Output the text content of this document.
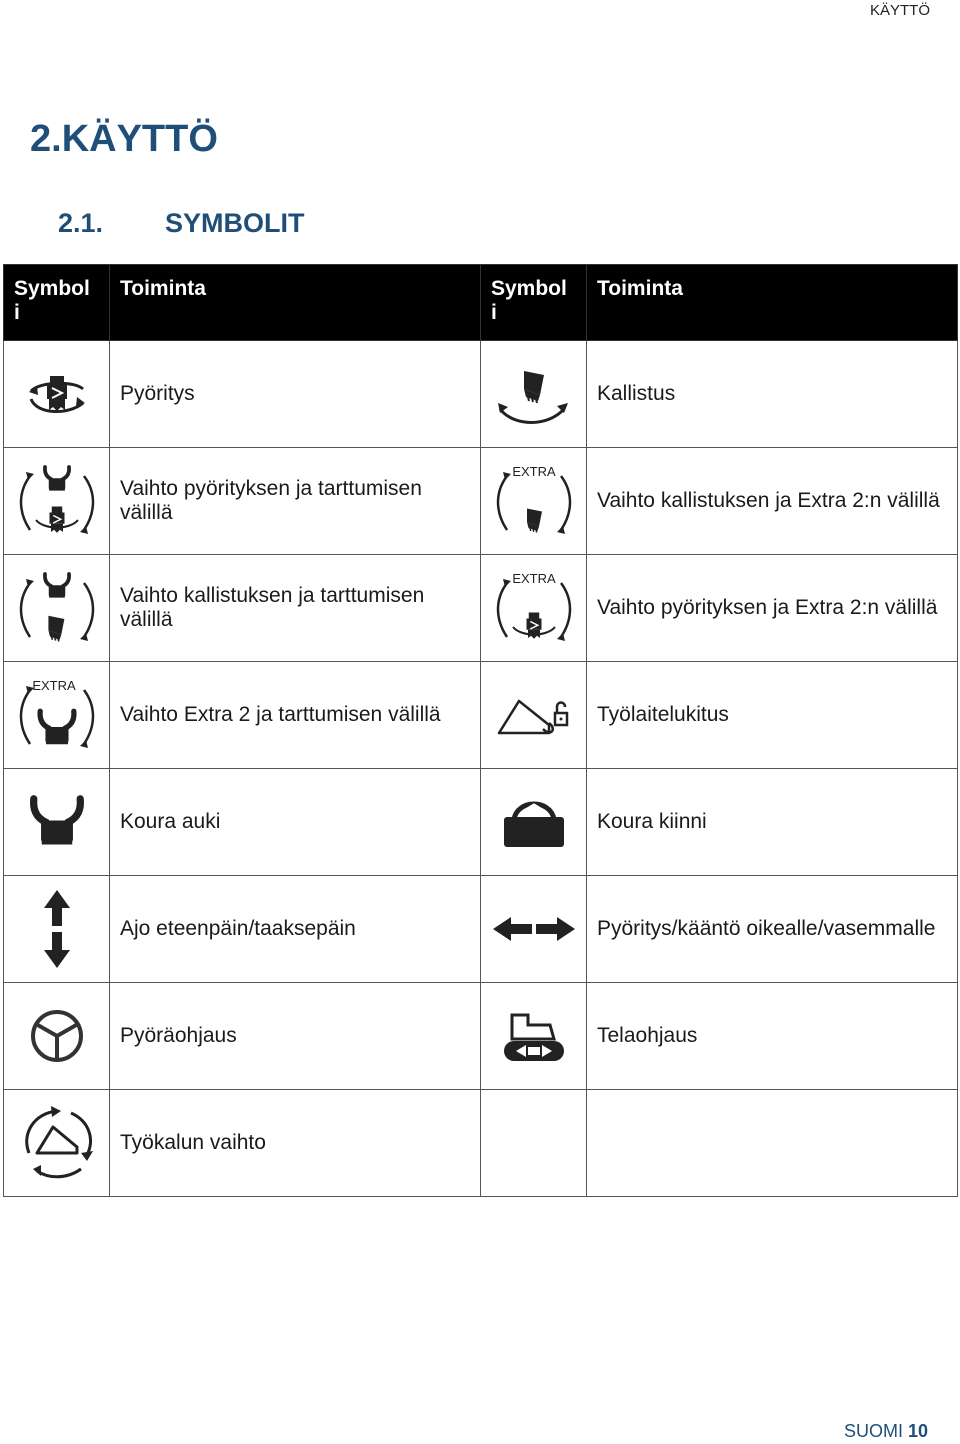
KÄYTTÖ
2.KÄYTTÖ
2.1. SYMBOLIT
Symbol i	Toiminta	Symbol i	Toiminta

	Pyöritys		Kallistus

	Vaihto pyörityksen ja tarttumisen välillä	EXTRA	Vaihto kallistuksen ja Extra 2:n välillä

	Vaihto kallistuksen ja tarttumisen välillä	EXTRA	Vaihto pyörityksen ja Extra 2:n välillä

EXTRA	Vaihto Extra 2 ja tarttumisen välillä		Työlaitelukitus

	Koura auki		Koura kiinni

	Ajo eteenpäin/taaksepäin		Pyöritys/kääntö oikealle/vasemmalle

	Pyöräohjaus		Telaohjaus

	Työkalun vaihto		
SUOMI 10
